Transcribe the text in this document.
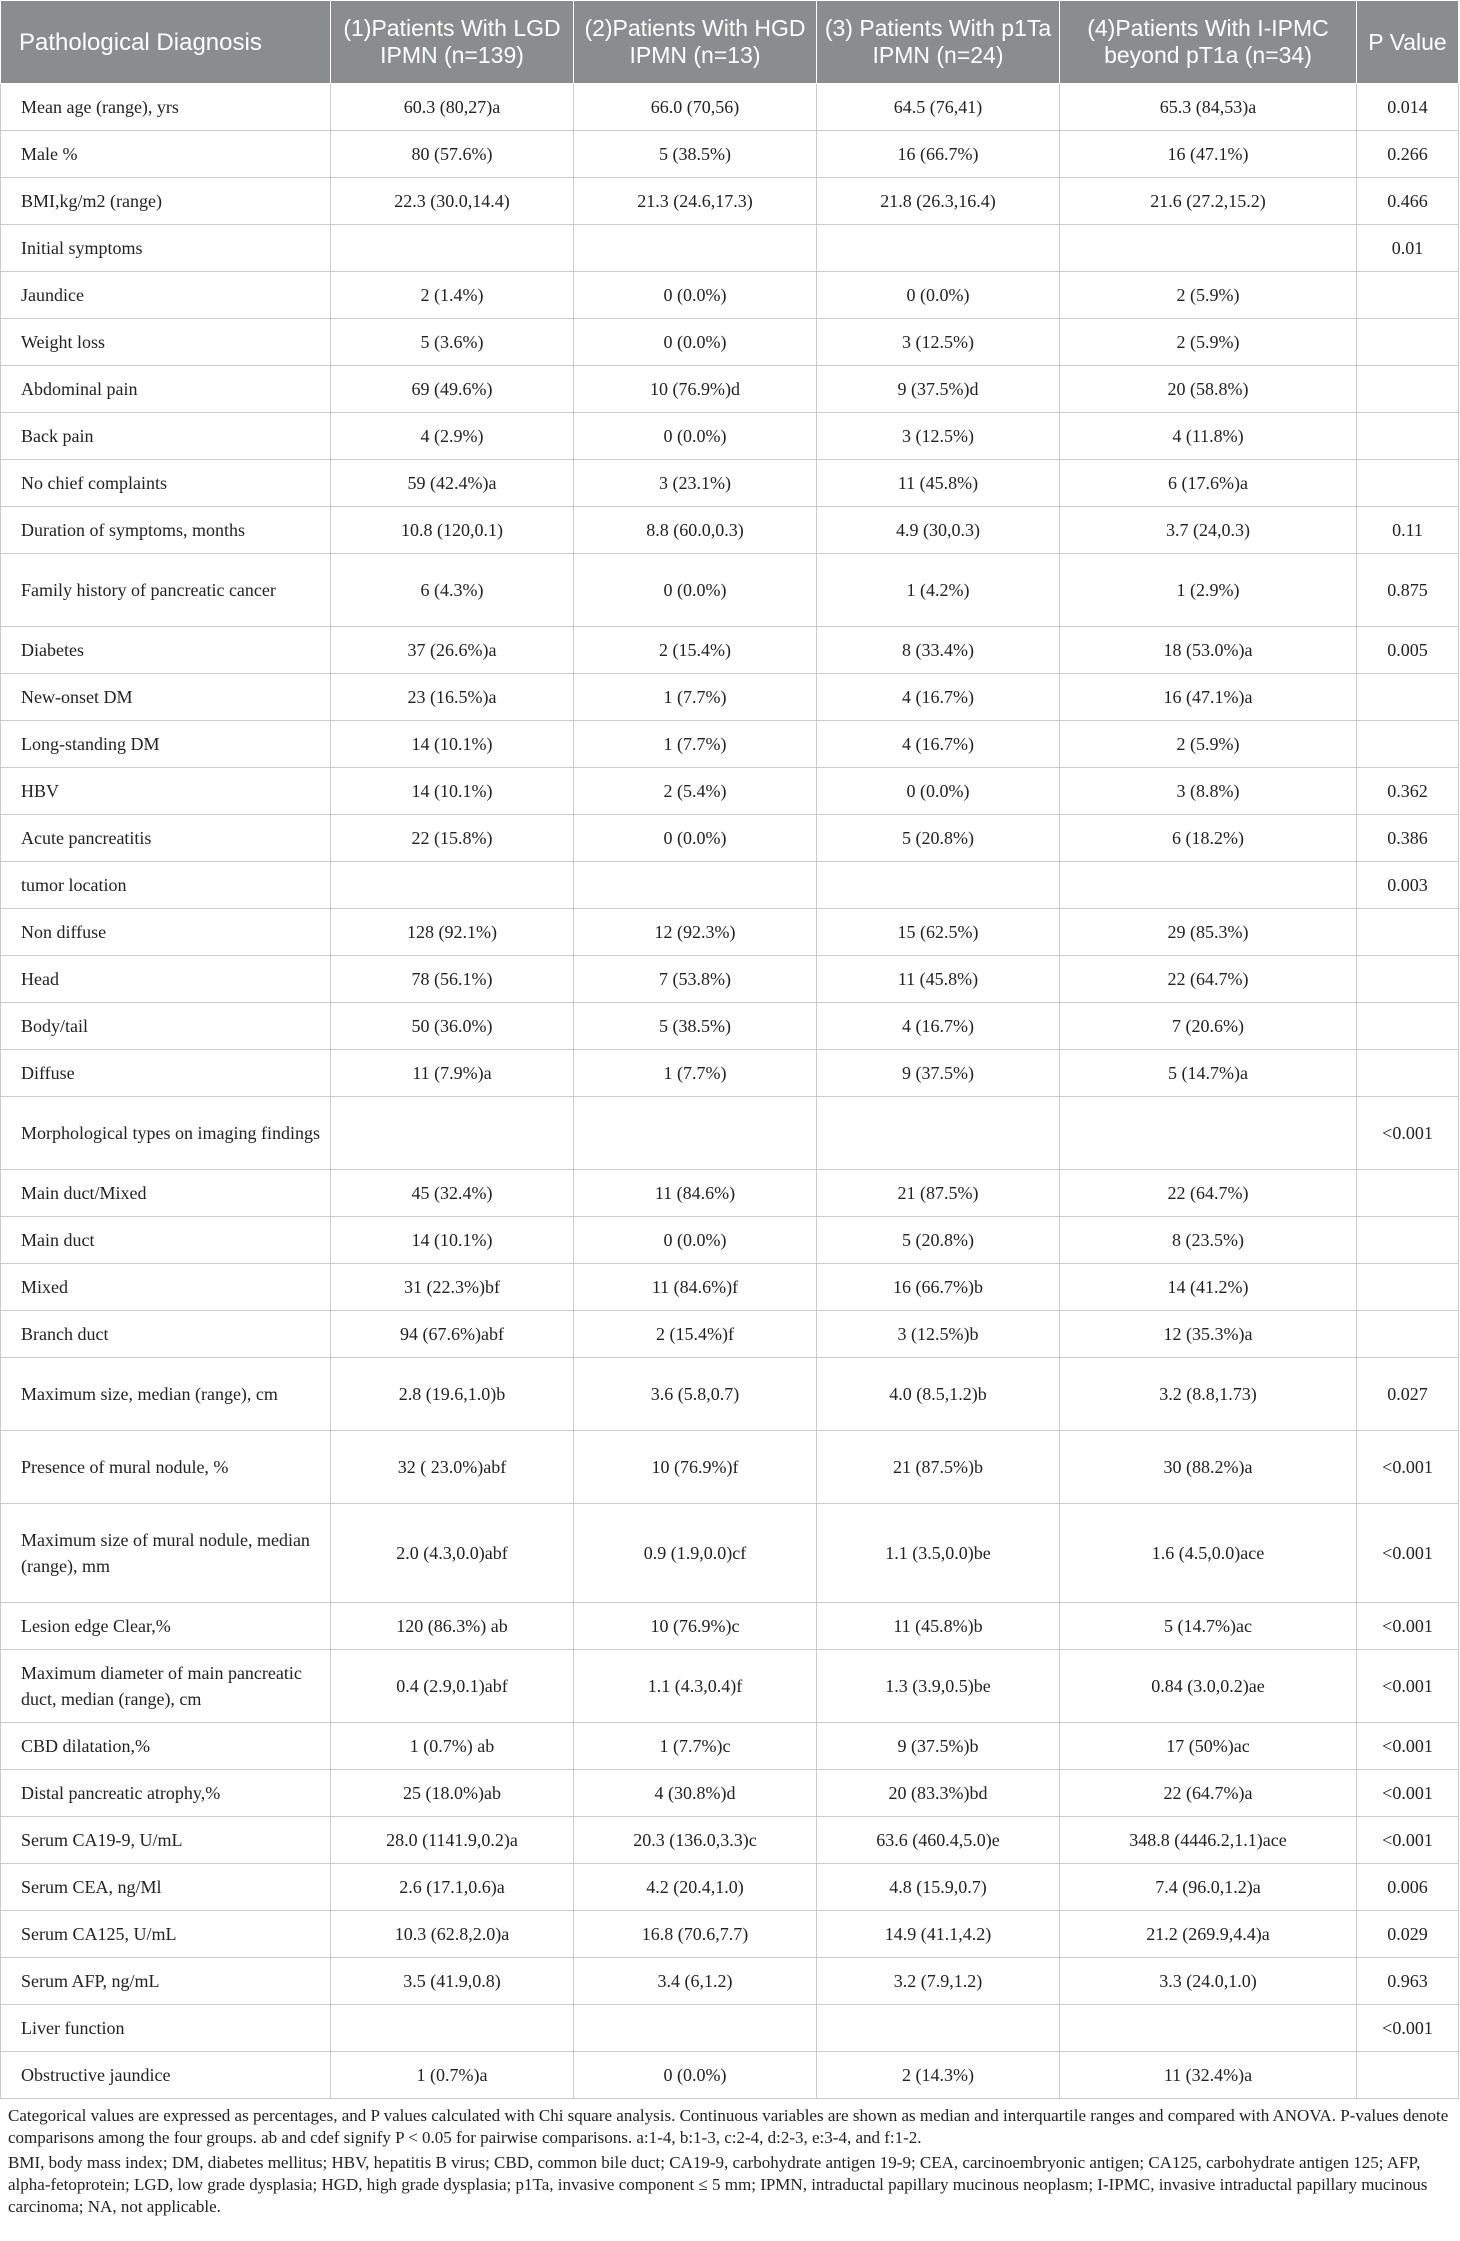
Pathological Diagnosis	(1)Patients With LGD IPMN (n=139)	(2)Patients With HGD IPMN (n=13)	(3) Patients With p1Ta IPMN (n=24)	(4)Patients With I-IPMC beyond pT1a (n=34)	P Value
Mean age (range), yrs	60.3 (80,27)a	66.0 (70,56)	64.5 (76,41)	65.3 (84,53)a	0.014
Male %	80 (57.6%)	5 (38.5%)	16 (66.7%)	16 (47.1%)	0.266
BMI,kg/m2 (range)	22.3 (30.0,14.4)	21.3 (24.6,17.3)	21.8 (26.3,16.4)	21.6 (27.2,15.2)	0.466
Initial symptoms					0.01
Jaundice	2 (1.4%)	0 (0.0%)	0 (0.0%)	2 (5.9%)	
Weight loss	5 (3.6%)	0 (0.0%)	3 (12.5%)	2 (5.9%)	
Abdominal pain	69 (49.6%)	10 (76.9%)d	9 (37.5%)d	20 (58.8%)	
Back pain	4 (2.9%)	0 (0.0%)	3 (12.5%)	4 (11.8%)	
No chief complaints	59 (42.4%)a	3 (23.1%)	11 (45.8%)	6 (17.6%)a	
Duration of symptoms, months	10.8 (120,0.1)	8.8 (60.0,0.3)	4.9 (30,0.3)	3.7 (24,0.3)	0.11
Family history of pancreatic cancer	6 (4.3%)	0 (0.0%)	1 (4.2%)	1 (2.9%)	0.875
Diabetes	37 (26.6%)a	2 (15.4%)	8 (33.4%)	18 (53.0%)a	0.005
New-onset DM	23 (16.5%)a	1 (7.7%)	4 (16.7%)	16 (47.1%)a	
Long-standing DM	14 (10.1%)	1 (7.7%)	4 (16.7%)	2 (5.9%)	
HBV	14 (10.1%)	2 (5.4%)	0 (0.0%)	3 (8.8%)	0.362
Acute pancreatitis	22 (15.8%)	0 (0.0%)	5 (20.8%)	6 (18.2%)	0.386
tumor location					0.003
Non diffuse	128 (92.1%)	12 (92.3%)	15 (62.5%)	29 (85.3%)	
Head	78 (56.1%)	7 (53.8%)	11 (45.8%)	22 (64.7%)	
Body/tail	50 (36.0%)	5 (38.5%)	4 (16.7%)	7 (20.6%)	
Diffuse	11 (7.9%)a	1 (7.7%)	9 (37.5%)	5 (14.7%)a	
Morphological types on imaging findings					<0.001
Main duct/Mixed	45 (32.4%)	11 (84.6%)	21 (87.5%)	22 (64.7%)	
Main duct	14 (10.1%)	0 (0.0%)	5 (20.8%)	8 (23.5%)	
Mixed	31 (22.3%)bf	11 (84.6%)f	16 (66.7%)b	14 (41.2%)	
Branch duct	94 (67.6%)abf	2 (15.4%)f	3 (12.5%)b	12 (35.3%)a	
Maximum size, median (range), cm	2.8 (19.6,1.0)b	3.6 (5.8,0.7)	4.0 (8.5,1.2)b	3.2 (8.8,1.73)	0.027
Presence of mural nodule, %	32 ( 23.0%)abf	10 (76.9%)f	21 (87.5%)b	30 (88.2%)a	<0.001
Maximum size of mural nodule, median (range), mm	2.0 (4.3,0.0)abf	0.9 (1.9,0.0)cf	1.1 (3.5,0.0)be	1.6 (4.5,0.0)ace	<0.001
Lesion edge Clear,%	120 (86.3%) ab	10 (76.9%)c	11 (45.8%)b	5 (14.7%)ac	<0.001
Maximum diameter of main pancreatic duct, median (range), cm	0.4 (2.9,0.1)abf	1.1 (4.3,0.4)f	1.3 (3.9,0.5)be	0.84 (3.0,0.2)ae	<0.001
CBD dilatation,%	1 (0.7%) ab	1 (7.7%)c	9 (37.5%)b	17 (50%)ac	<0.001
Distal pancreatic atrophy,%	25 (18.0%)ab	4 (30.8%)d	20 (83.3%)bd	22 (64.7%)a	<0.001
Serum CA19-9, U/mL	28.0 (1141.9,0.2)a	20.3 (136.0,3.3)c	63.6 (460.4,5.0)e	348.8 (4446.2,1.1)ace	<0.001
Serum CEA, ng/Ml	2.6 (17.1,0.6)a	4.2 (20.4,1.0)	4.8 (15.9,0.7)	7.4 (96.0,1.2)a	0.006
Serum CA125, U/mL	10.3 (62.8,2.0)a	16.8 (70.6,7.7)	14.9 (41.1,4.2)	21.2 (269.9,4.4)a	0.029
Serum AFP, ng/mL	3.5 (41.9,0.8)	3.4 (6,1.2)	3.2 (7.9,1.2)	3.3 (24.0,1.0)	0.963
Liver function					<0.001
Obstructive jaundice	1 (0.7%)a	0 (0.0%)	2 (14.3%)	11 (32.4%)a	

Categorical values are expressed as percentages, and P values calculated with Chi square analysis. Continuous variables are shown as median and interquartile ranges and compared with ANOVA. P-values denote comparisons among the four groups. ab and cdef signify P < 0.05 for pairwise comparisons. a:1-4, b:1-3, c:2-4, d:2-3, e:3-4, and f:1-2.

BMI, body mass index; DM, diabetes mellitus; HBV, hepatitis B virus; CBD, common bile duct; CA19-9, carbohydrate antigen 19-9; CEA, carcinoembryonic antigen; CA125, carbohydrate antigen 125; AFP, alpha-fetoprotein; LGD, low grade dysplasia; HGD, high grade dysplasia; p1Ta, invasive component ≤ 5 mm; IPMN, intraductal papillary mucinous neoplasm; I-IPMC, invasive intraductal papillary mucinous carcinoma; NA, not applicable.
